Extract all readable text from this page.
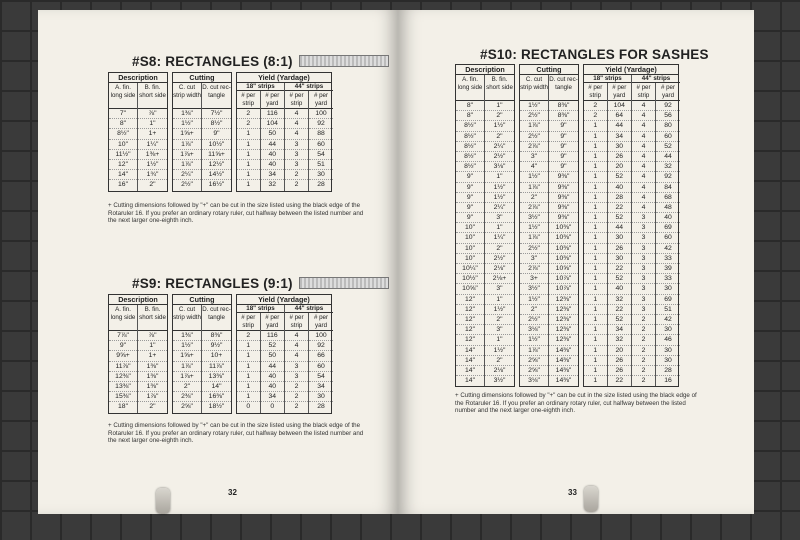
#S8: RECTANGLES (8:1)
Description
A. fin. long side
7"
8"
8½"
10"
11½"
12"
14"
16"
B. fin. short side
⅞"
1"
1+
1¼"
1⅜+
1½"
1¾"
2"
Cutting
C. cut strip width
1⅜"
1½"
1⅝+
1⅞"
1⅞+
1⅞"
2¼"
2½"
D. cut rec- tangle
7½"
8½"
9"
10½"
11⅝+
12½"
14½"
16½"
Yield (Yardage)
18" strips
# per strip
2
2
1
1
1
1
1
1
# per yard
116
104
50
44
40
40
34
32
44" strips
# per strip
4
4
4
3
3
3
2
2
# per yard
100
92
88
60
54
51
30
28
+ Cutting dimensions followed by "+" can be cut in the size listed using the black edge of the Rotaruler 16. If you prefer an ordinary rotary ruler, cut halfway between the listed number and the next larger one-eighth inch.
#S9: RECTANGLES (9:1)
Description
A. fin. long side
7⅞"
9"
9⅝+
11⅞"
12⅜"
13⅜"
15⅜"
18"
B. fin. short side
⅞"
1"
1+
1⅜"
1⅜"
1⅜"
1⅞"
2"
Cutting
C. cut strip width
1⅜"
1½"
1⅝+
1⅞"
1⅞+
2"
2⅜"
2⅝"
D. cut rec- tangle
8⅜"
9½"
10+
11⅞"
13⅜"
14"
16⅜"
18½"
Yield (Yardage)
18" strips
# per strip
2
1
1
1
1
1
1
0
# per yard
116
52
50
44
40
40
34
0
44" strips
# per strip
4
4
4
3
3
2
2
2
# per yard
100
92
66
60
54
34
30
28
+ Cutting dimensions followed by "+" can be cut in the size listed using the black edge of the Rotaruler 16. If you prefer an ordinary rotary ruler, cut halfway between the listed number and the next larger one-eighth inch.
32
#S10: RECTANGLES FOR SASHES
Description
A. fin. long side
8"
8"
8½"
8½"
8½"
8½"
8½"
9"
9"
9"
9"
9"
10"
10"
10"
10"
10¼"
10½"
10⅝"
12"
12"
12"
12"
12"
14"
14"
14"
14"
B. fin. short side
1"
2"
1½"
2"
2¼"
2½"
3⅛"
1"
1½"
1½"
2¼"
3"
1"
1¼"
2"
2½"
2⅛"
2⅛+
3"
1"
1½"
2"
3"
1"
1½"
2"
2⅛"
3½"
Cutting
C. cut strip width
1½"
2½"
1⅞"
2½"
2⅞"
3"
4"
1½"
1⅞"
2"
2⅞"
3½"
1½"
1⅞"
2½"
3"
2⅞"
3+
3½"
1½"
2"
2½"
3⅛"
1½"
1⅞"
2⅝"
2⅝"
3⅛"
D. cut rec- tangle
8⅜"
8⅜"
9"
9"
9"
9"
9"
9⅜"
9⅜"
9⅜"
9⅜"
9⅜"
10⅜"
10⅜"
10⅜"
10⅜"
10⅝"
10⅞"
10⅞"
12⅜"
12⅜"
12⅜"
12⅜"
12⅜"
14⅜"
14⅜"
14⅜"
14⅜"
Yield (Yardage)
18" strips
# per strip
2
2
1
1
1
1
1
1
1
1
1
1
1
1
1
1
1
1
1
1
1
1
1
1
1
1
1
1
# per yard
104
64
44
34
30
26
20
52
40
28
22
52
44
30
26
30
22
52
40
32
22
52
34
32
20
26
26
22
44" strips
# per strip
4
4
4
4
4
4
4
4
4
4
4
3
3
3
3
3
3
3
3
3
3
2
2
2
2
2
2
2
# per yard
92
56
80
60
52
44
32
92
84
68
48
40
69
60
42
33
39
33
30
69
51
42
30
46
30
30
28
16
+ Cutting dimensions followed by "+" can be cut in the size listed using the black edge of the Rotaruler 16. If you prefer an ordinary rotary ruler, cut halfway between the listed number and the next larger one-eighth inch.
33
